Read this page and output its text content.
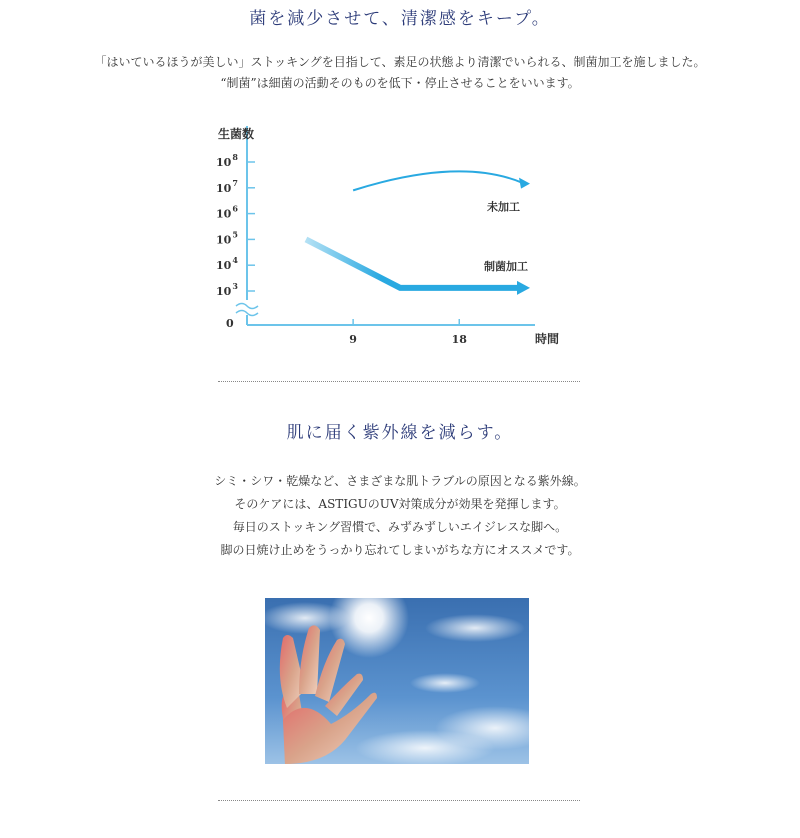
菌を減少させて、清潔感をキープ。
「はいているほうが美しい」ストッキングを目指して、素足の状態より清潔でいられる、制菌加工を施しました。
“制菌”は細菌の活動そのものを低下・停止させることをいいます。
0
$10^3$
$10^4$
$10^5$
$10^6$
$10^7$
$10^8$
9	18
生菌数
時間
未加工
制菌加工
肌に届く紫外線を減らす。
シミ・シワ・乾燥など、さまざまな肌トラブルの原因となる紫外線。
そのケアには、ASTIGUのUV対策成分が効果を発揮します。
毎日のストッキング習慣で、みずみずしいエイジレスな脚へ。
脚の日焼け止めをうっかり忘れてしまいがちな方にオススメです。
